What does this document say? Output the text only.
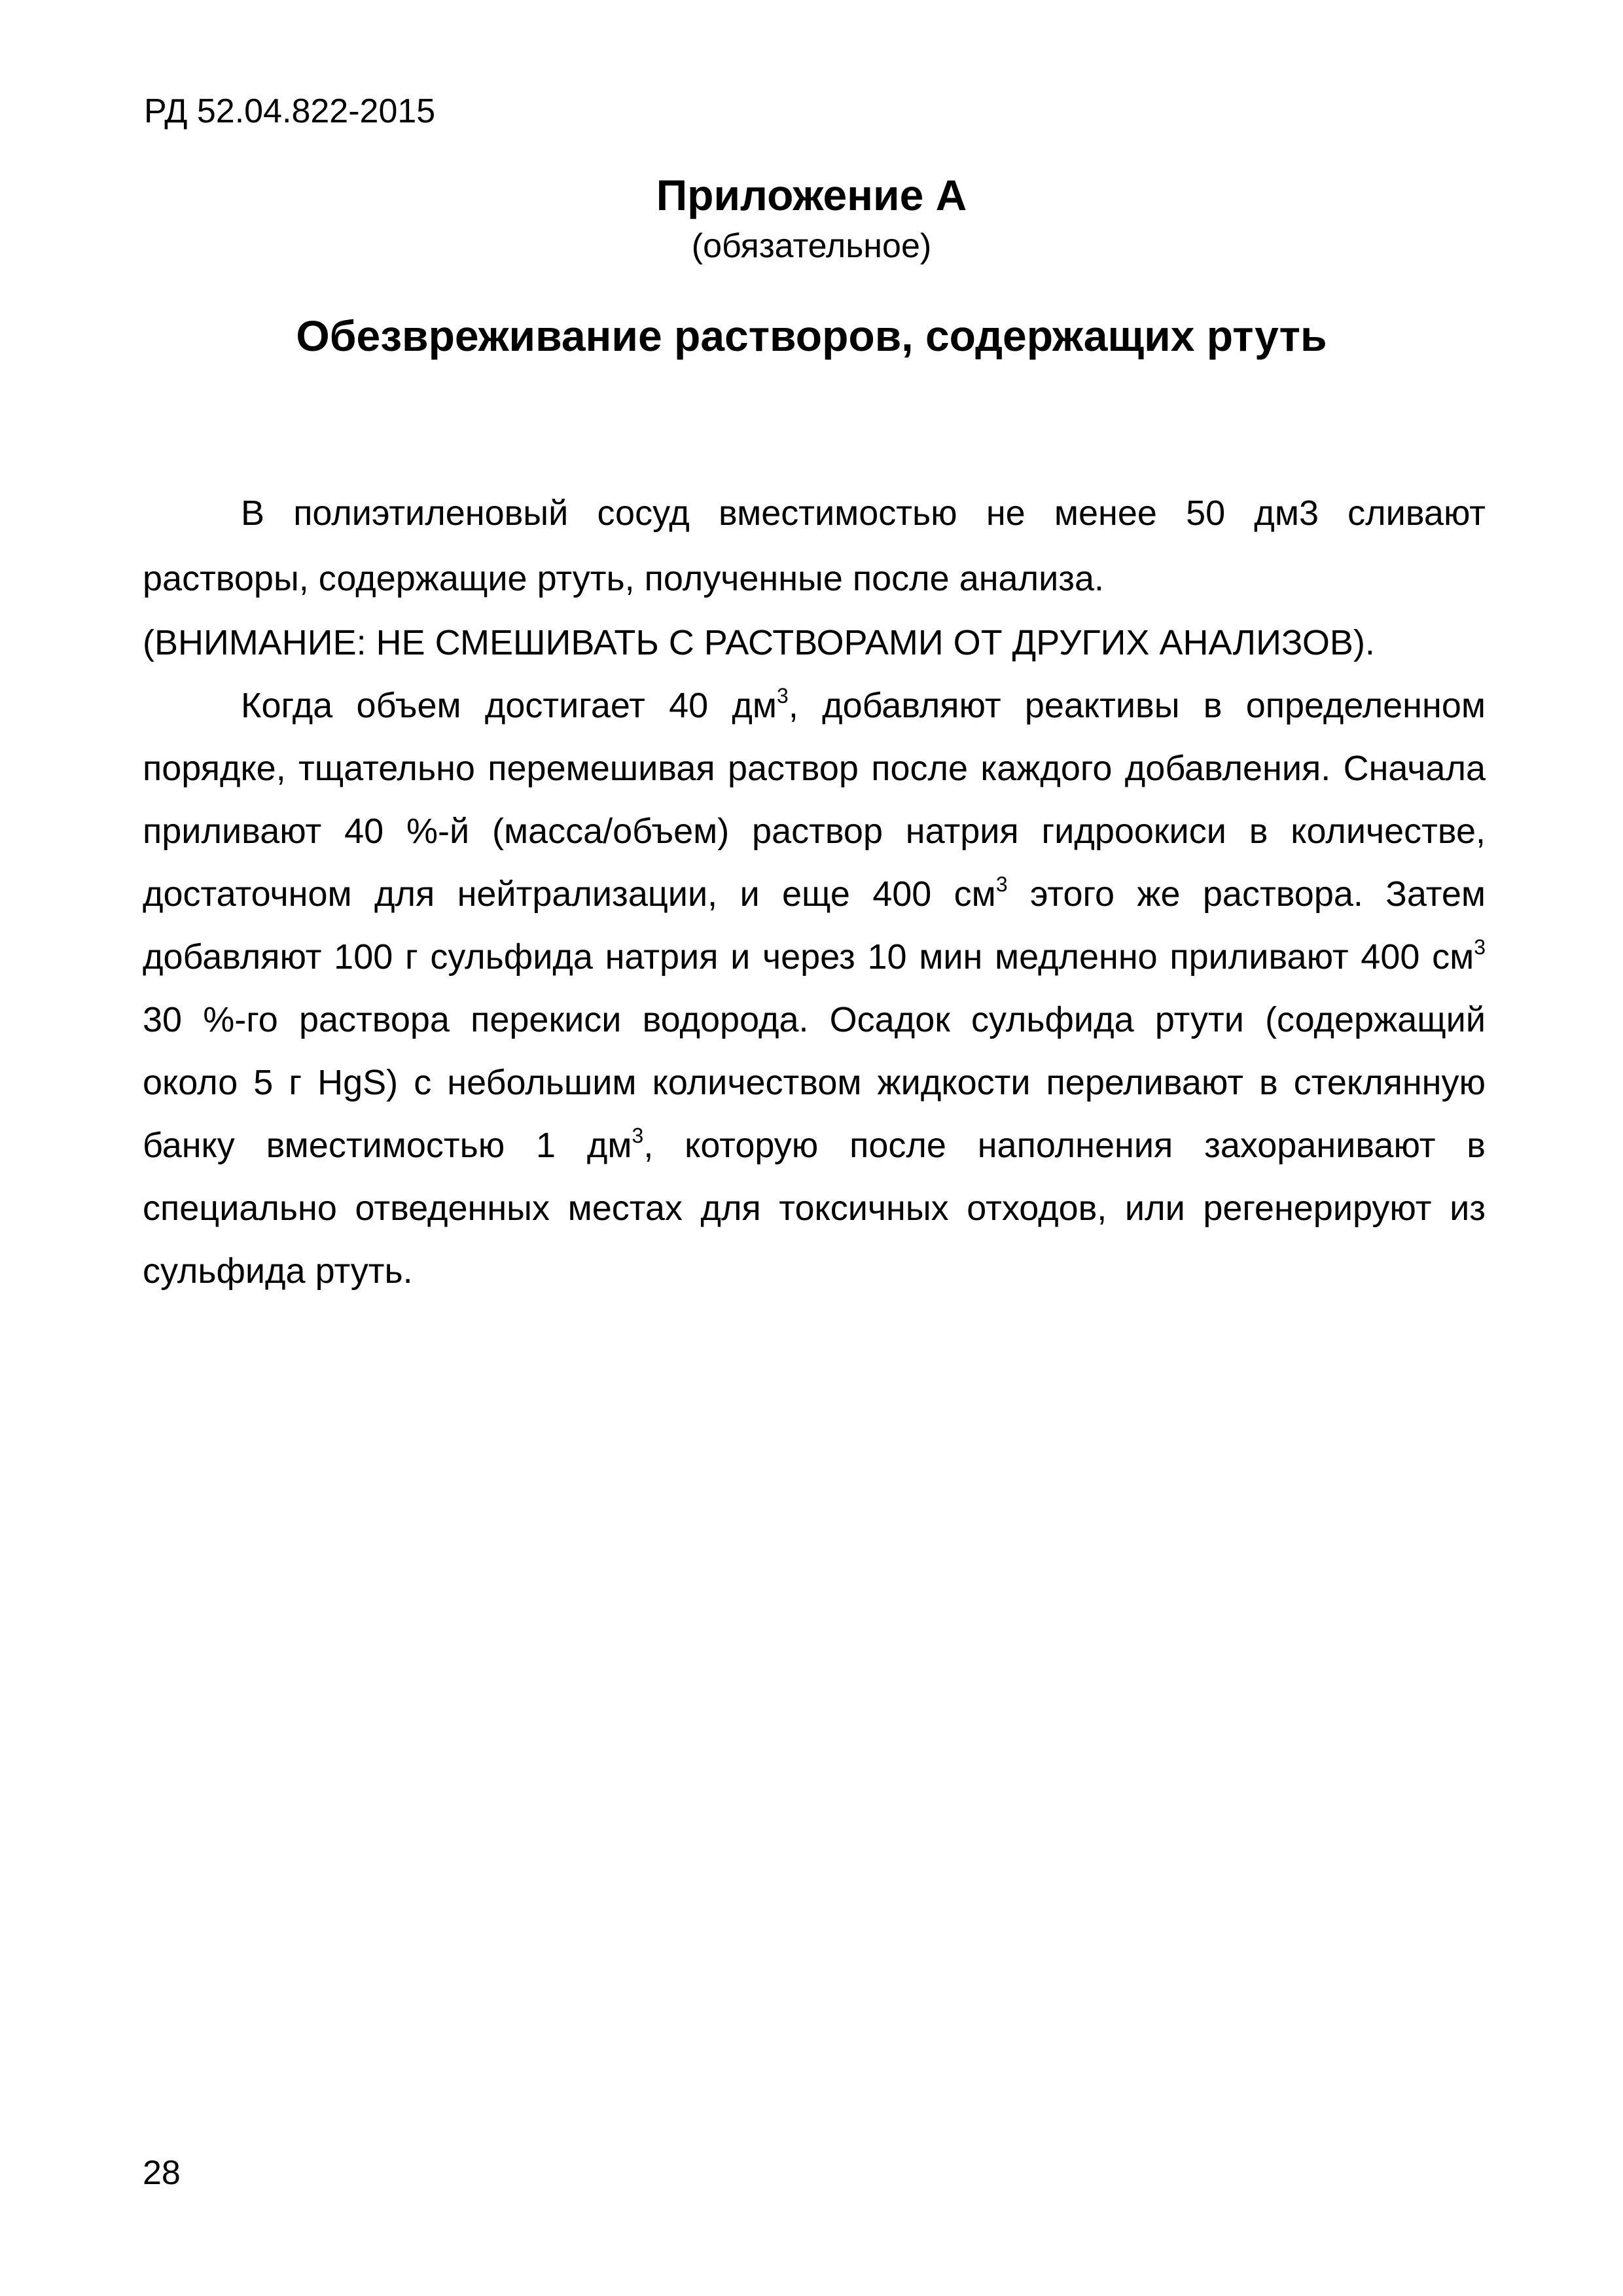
РД 52.04.822-2015
Приложение А
(обязательное)
Обезвреживание растворов, содержащих ртуть

В полиэтиленовый сосуд вместимостью не менее 50 дм3 сливают растворы, содержащие ртуть, полученные после анализа.

(ВНИМАНИЕ: НЕ СМЕШИВАТЬ С РАСТВОРАМИ ОТ ДРУГИХ АНАЛИЗОВ).

Когда объем достигает 40 $дм^3$, добавляют реактивы в определенном порядке, тщательно перемешивая раствор после каждого добавления. Сначала приливают 40 %-й (масса/объем) раствор натрия гидроокиси в количестве, достаточном для нейтрализации, и еще 400 $см^3$ этого же раствора. Затем добавляют 100 г сульфида натрия и через 10 мин медленно приливают 400 $см^3$ 30 %-го раствора перекиси водорода. Осадок сульфида ртути (содержащий около 5 г HgS) с небольшим количеством жидкости переливают в стеклянную банку вместимостью 1 $дм^3$, которую после наполнения захоранивают в специально отведенных местах для токсичных отходов, или регенерируют из сульфида ртуть.

28
